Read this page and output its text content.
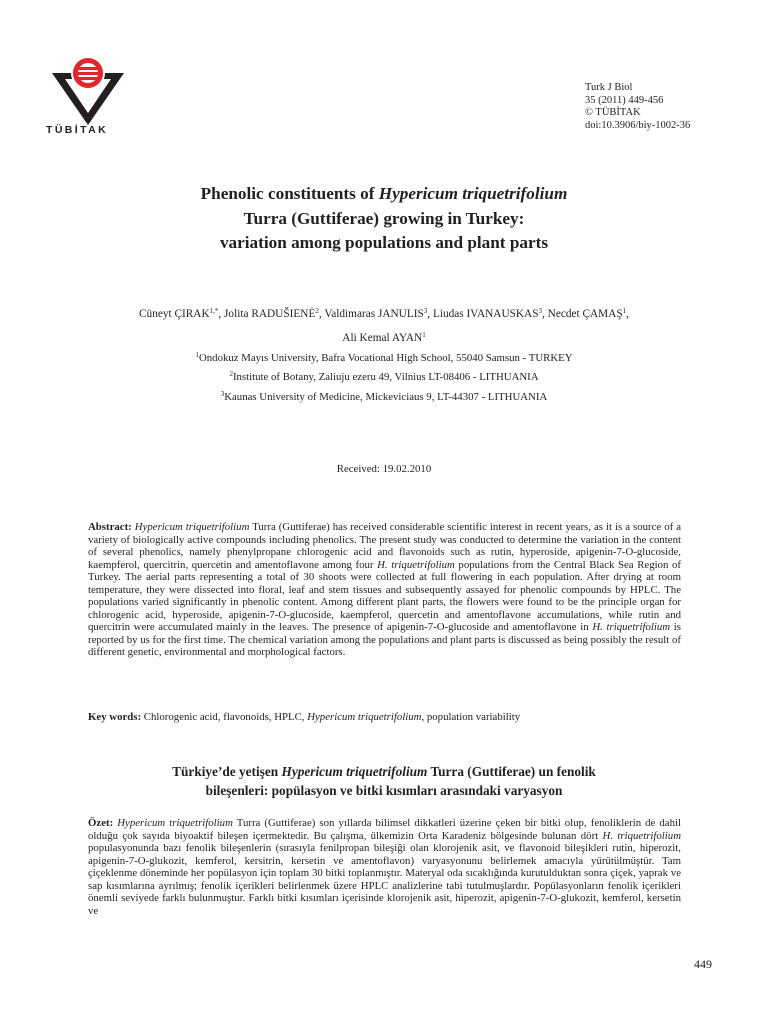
TÜBİTAK
Turk J Biol
35 (2011) 449-456
© TÜBİTAK
doi:10.3906/biy-1002-36
Phenolic constituents of Hypericum triquetrifolium
Turra (Guttiferae) growing in Turkey:
variation among populations and plant parts
Cüneyt $ÇIRAK^{1,*}$, Jolita RADUŠIENĖ$^2$, Valdimaras JANULIS$^3$, Liudas IVANAUSKAS$^3$, Necdet ÇAMAŞ$^1$,
Ali Kemal AYAN$^1$
$^1$Ondokuz Mayıs University, Bafra Vocational High School, 55040 Samsun - TURKEY
$^2$Institute of Botany, Zaliuju ezeru 49, Vilnius LT-08406 - LITHUANIA
$^3$Kaunas University of Medicine, Mickeviciaus 9, LT-44307 - LITHUANIA
Received: 19.02.2010
Abstract: Hypericum triquetrifolium Turra (Guttiferae) has received considerable scientific interest in recent years, as it is a source of a variety of biologically active compounds including phenolics. The present study was conducted to determine the variation in the content of several phenolics, namely phenylpropane chlorogenic acid and flavonoids such as rutin, hyperoside, apigenin-7-O-glucoside, kaempferol, quercitrin, quercetin and amentoflavone among four H. triquetrifolium populations from the Central Black Sea Region of Turkey. The aerial parts representing a total of 30 shoots were collected at full flowering in each population. After drying at room temperature, they were dissected into floral, leaf and stem tissues and subsequently assayed for phenolic compounds by HPLC. The populations varied significantly in phenolic content. Among different plant parts, the flowers were found to be the principle organ for chlorogenic acid, hyperoside, apigenin-7-O-glucoside, kaempferol, quercetin and amentoflavone accumulations, while rutin and quercitrin were accumulated mainly in the leaves. The presence of apigenin-7-O-glucoside and amentoflavone in H. triquetrifolium is reported by us for the first time. The chemical variation among the populations and plant parts is discussed as being possibly the result of different genetic, environmental and morphological factors.
Key words: Chlorogenic acid, flavonoids, HPLC, Hypericum triquetrifolium, population variability
Türkiye’de yetişen Hypericum triquetrifolium Turra (Guttiferae) un fenolik
bileşenleri: popülasyon ve bitki kısımları arasındaki varyasyon
Özet: Hypericum triquetrifolium Turra (Guttiferae) son yıllarda bilimsel dikkatleri üzerine çeken bir bitki olup, fenoliklerin de dahil olduğu çok sayıda biyoaktif bileşen içermektedir. Bu çalışma, ülkemizin Orta Karadeniz bölgesinde bulunan dört H. triquetrifolium populasyonunda bazı fenolik bileşenlerin (sırasıyla fenilpropan bileşiği olan klorojenik asit, ve flavonoid bileşikleri rutin, hiperozit, apigenin-7-O-glukozit, kemferol, kersitrin, kersetin ve amentoflavon) varyasyonunu belirlemek amacıyla yürütülmüştür. Tam çiçeklenme döneminde her popülasyon için toplam 30 bitki toplanmıştır. Materyal oda sıcaklığında kurutulduktan sonra çiçek, yaprak ve sap kısımlarına ayrılmış; fenolik içerikleri belirlenmek üzere HPLC analizlerine tabi tutulmuşlardır. Popülasyonların fenolik içerikleri önemli seviyede farklı bulunmuştur. Farklı bitki kısımları içerisinde klorojenik asit, hiperozit, apigenin-7-O-glukozit, kemferol, kersetin ve
449
